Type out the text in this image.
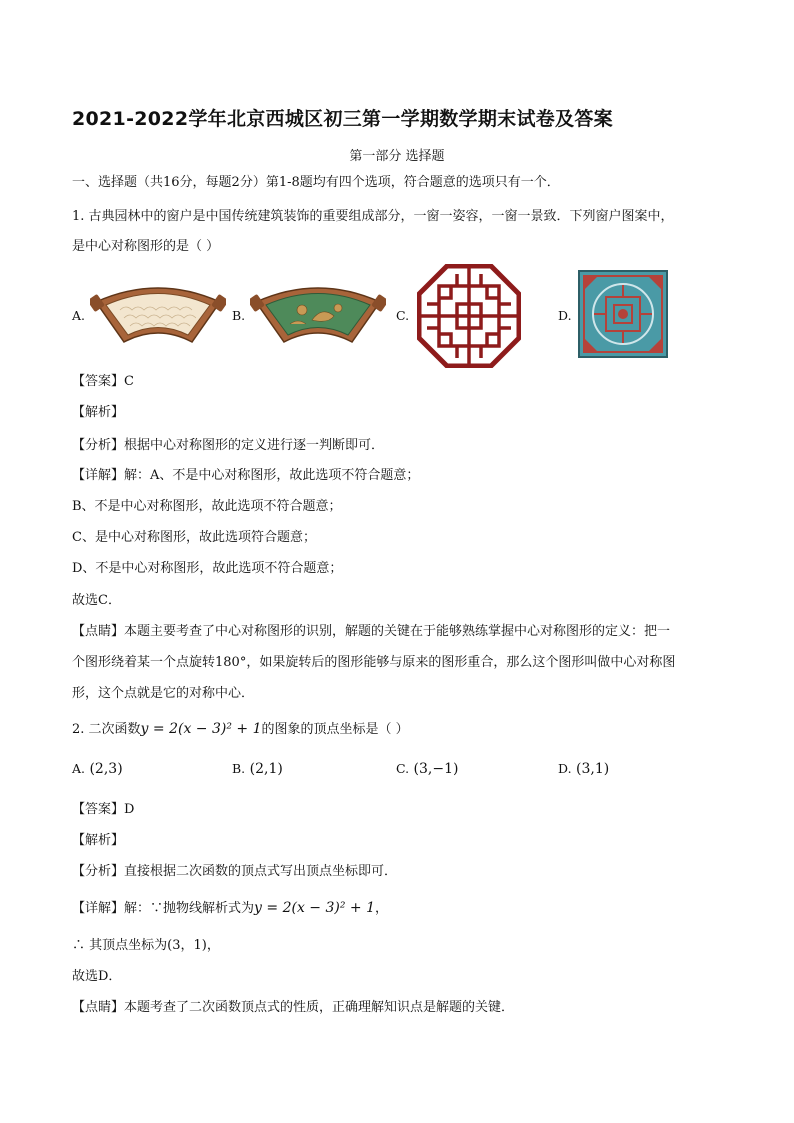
2021-2022学年北京西城区初三第一学期数学期末试卷及答案
第一部分 选择题
一、选择题（共16分，每题2分）第1-8题均有四个选项，符合题意的选项只有一个．
1. 古典园林中的窗户是中国传统建筑装饰的重要组成部分，一窗一姿容，一窗一景致．下列窗户图案中，
是中心对称图形的是（ ）
A.	B.	C.	D.
【答案】C
【解析】
【分析】根据中心对称图形的定义进行逐一判断即可．
【详解】解：A、不是中心对称图形，故此选项不符合题意；
B、不是中心对称图形，故此选项不符合题意；
C、是中心对称图形，故此选项符合题意；
D、不是中心对称图形，故此选项不符合题意；
故选C．
【点睛】本题主要考查了中心对称图形的识别，解题的关键在于能够熟练掌握中心对称图形的定义：把一
个图形绕着某一个点旋转180°，如果旋转后的图形能够与原来的图形重合，那么这个图形叫做中心对称图
形，这个点就是它的对称中心．
2. 二次函数y = 2(x − 3)² + 1的图象的顶点坐标是（ ）
A. (2,3)	B. (2,1)	C. (3,−1)	D. (3,1)
【答案】D
【解析】
【分析】直接根据二次函数的顶点式写出顶点坐标即可．
【详解】解：∵抛物线解析式为y = 2(x − 3)² + 1，
∴ 其顶点坐标为(3，1)，
故选D．
【点睛】本题考查了二次函数顶点式的性质，正确理解知识点是解题的关键．
